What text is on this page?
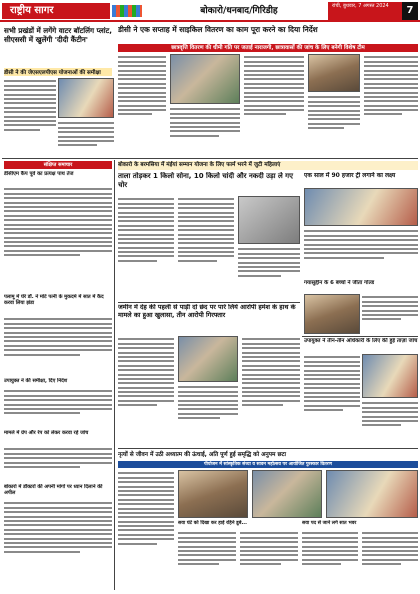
राष्ट्रीय सागर	बोकारो/धनबाद/गिरिडीह	रांची, बुधवार, 7 अगस्त 2024	7
सभी प्रखंडों में लगेंगे वाटर बॉटलिंग प्लांट, सीएससी में खुलेंगी 'दीदी कैंटीन'
डीसी ने की जेएसएलपीएस योजनाओं की समीक्षा
डीसी ने एक सप्ताह में साइकिल वितरण का काम पूरा करने का दिया निर्देश
छात्रवृत्ति वितरण की धीमी गति पर जताई नाराजगी, छात्रावासों की जांच के लिए बनेगी विशेष टीम
संक्षिप्त समाचार
डीसीएम कैंप पूर्व का प्रत्यक्ष पाथ तेज
पलामू में घेरे डॉ. ने मोटे पत्नी के मुकदमे में सात में कैद करवा लिया झंडा
उपायुक्त ने की समीक्षा, दिए निर्देश
मामले में ग्रेप और रेप को लेकर करवा रहे जांच
बोकारो में डॉक्टरों की अपनी मांगों पर ध्यान दिलाने की अपील
बोकारो के बरमसिया में मंईयां सम्मान योजना के लिए फार्म भरने में जुटी महिलाएं
ताला तोड़कर 1 किलो सोना, 10 किलो चांदी और नकदी उड़ा ले गए चोर
एक साल में 90 हजार ट्री लगाने का लक्ष्य
गयासुद्दीन के 6 बच्चों ने जीता गोल्ड
जमीन में देह की पहली से पाड़ी दो छंद पर पारे लिये आरोपी हमेश के हाथ के मामले का हुआ खुलासा, तीन आरोपी गिरफ्तार
उपायुक्त ने तीन-तीन अधिकारी के लिए की हुई ताज़ा जांच
नृत्यों से जीवन में उठी अध्यात्म की ऊंचाई, अति पूर्ण हुई समृद्धि को अनुपम छटा
पीयोजन में सांस्कृतिक संध्या व सावन महोत्सव पर आयोजित पुरस्कार वितरण
सवा घंटे को दिखा कर हाई रहिने डूबे...	सवा पद से जाने लगे सात भवर
